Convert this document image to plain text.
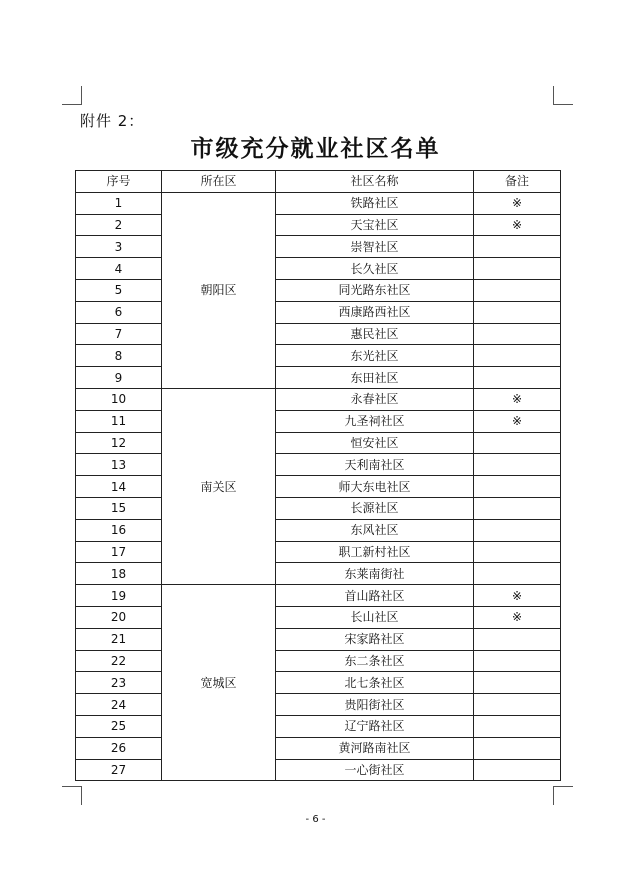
附件 2：
市级充分就业社区名单
序号	所在区	社区名称	备注
1	朝阳区	铁路社区	※
2		天宝社区	※
3		崇智社区	
4		长久社区	
5		同光路东社区	
6		西康路西社区	
7		惠民社区	
8		东光社区	
9		东田社区	
10	南关区	永春社区	※
11		九圣祠社区	※
12		恒安社区	
13		天利南社区	
14		师大东电社区	
15		长源社区	
16		东风社区	
17		职工新村社区	
18		东莱南街社	
19	宽城区	首山路社区	※
20		长山社区	※
21		宋家路社区	
22		东二条社区	
23		北七条社区	
24		贵阳街社区	
25		辽宁路社区	
26		黄河路南社区	
27		一心街社区	
- 6 -
